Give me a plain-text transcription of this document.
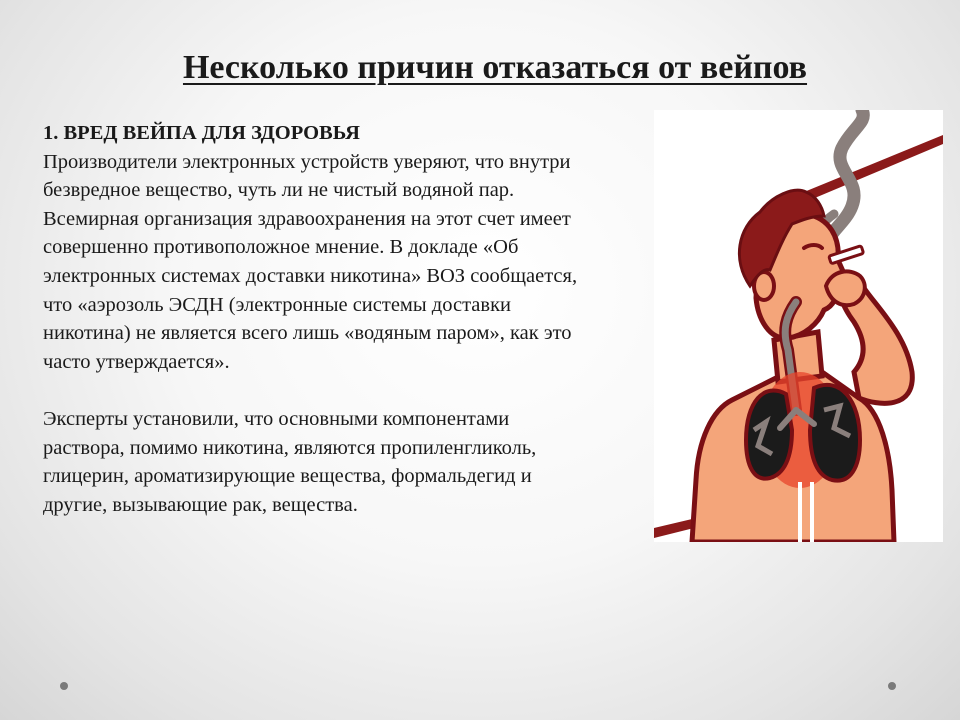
Несколько причин отказаться от вейпов
1. ВРЕД ВЕЙПА ДЛЯ ЗДОРОВЬЯ

Производители электронных устройств уверяют, что внутри
безвредное вещество, чуть ли не чистый водяной пар.
Всемирная организация здравоохранения на этот счет имеет
совершенно противоположное мнение. В докладе «Об
электронных системах доставки никотина» ВОЗ сообщается,
что «аэрозоль ЭСДН (электронные системы доставки
никотина) не является всего лишь «водяным паром», как это
часто утверждается».

Эксперты установили, что основными компонентами
раствора, помимо никотина, являются пропиленгликоль,
глицерин, ароматизирующие вещества, формальдегид и
другие, вызывающие рак, вещества.
